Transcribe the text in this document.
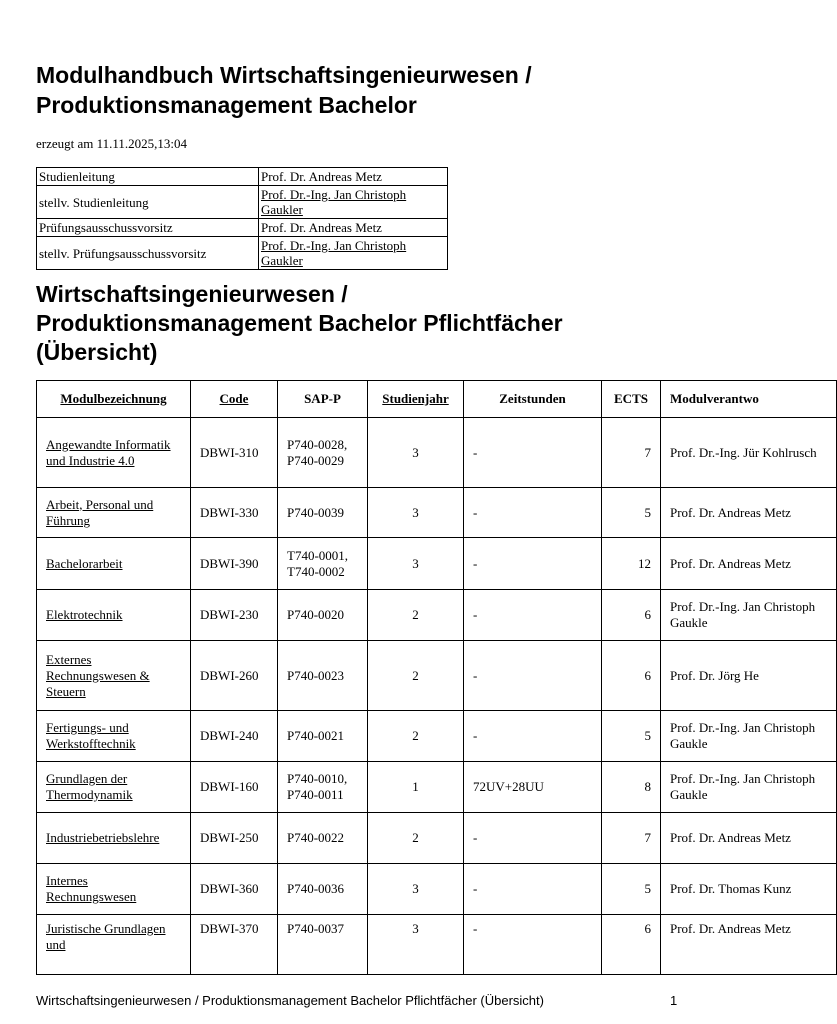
Modulhandbuch Wirtschaftsingenieurwesen /
Produktionsmanagement Bachelor
erzeugt am 11.11.2025,13:04
Studienleitung	Prof. Dr. Andreas Metz
stellv. Studienleitung	Prof. Dr.-Ing. Jan Christoph Gaukler
Prüfungsausschussvorsitz	Prof. Dr. Andreas Metz
stellv. Prüfungsausschussvorsitz	Prof. Dr.-Ing. Jan Christoph Gaukler
Wirtschaftsingenieurwesen /
Produktionsmanagement Bachelor Pflichtfächer
(Übersicht)
Modulbezeichnung	Code	SAP-P	Studienjahr	Zeitstunden	ECTS	Modulverantwo
Angewandte Informatik und Industrie 4.0	DBWI-310	P740-0028, P740-0029	3	-	7	Prof. Dr.-Ing. Jür Kohlrusch
Arbeit, Personal und Führung	DBWI-330	P740-0039	3	-	5	Prof. Dr. Andreas Metz
Bachelorarbeit	DBWI-390	T740-0001, T740-0002	3	-	12	Prof. Dr. Andreas Metz
Elektrotechnik	DBWI-230	P740-0020	2	-	6	Prof. Dr.-Ing. Jan Christoph Gaukle
Externes Rechnungswesen & Steuern	DBWI-260	P740-0023	2	-	6	Prof. Dr. Jörg He
Fertigungs- und Werkstofftechnik	DBWI-240	P740-0021	2	-	5	Prof. Dr.-Ing. Jan Christoph Gaukle
Grundlagen der Thermodynamik	DBWI-160	P740-0010, P740-0011	1	72UV+28UU	8	Prof. Dr.-Ing. Jan Christoph Gaukle
Industriebetriebslehre	DBWI-250	P740-0022	2	-	7	Prof. Dr. Andreas Metz
Internes Rechnungswesen	DBWI-360	P740-0036	3	-	5	Prof. Dr. Thomas Kunz
Juristische Grundlagen und	DBWI-370	P740-0037	3	-	6	Prof. Dr. Andreas Metz
Wirtschaftsingenieurwesen / Produktionsmanagement Bachelor Pflichtfächer (Übersicht)	1
